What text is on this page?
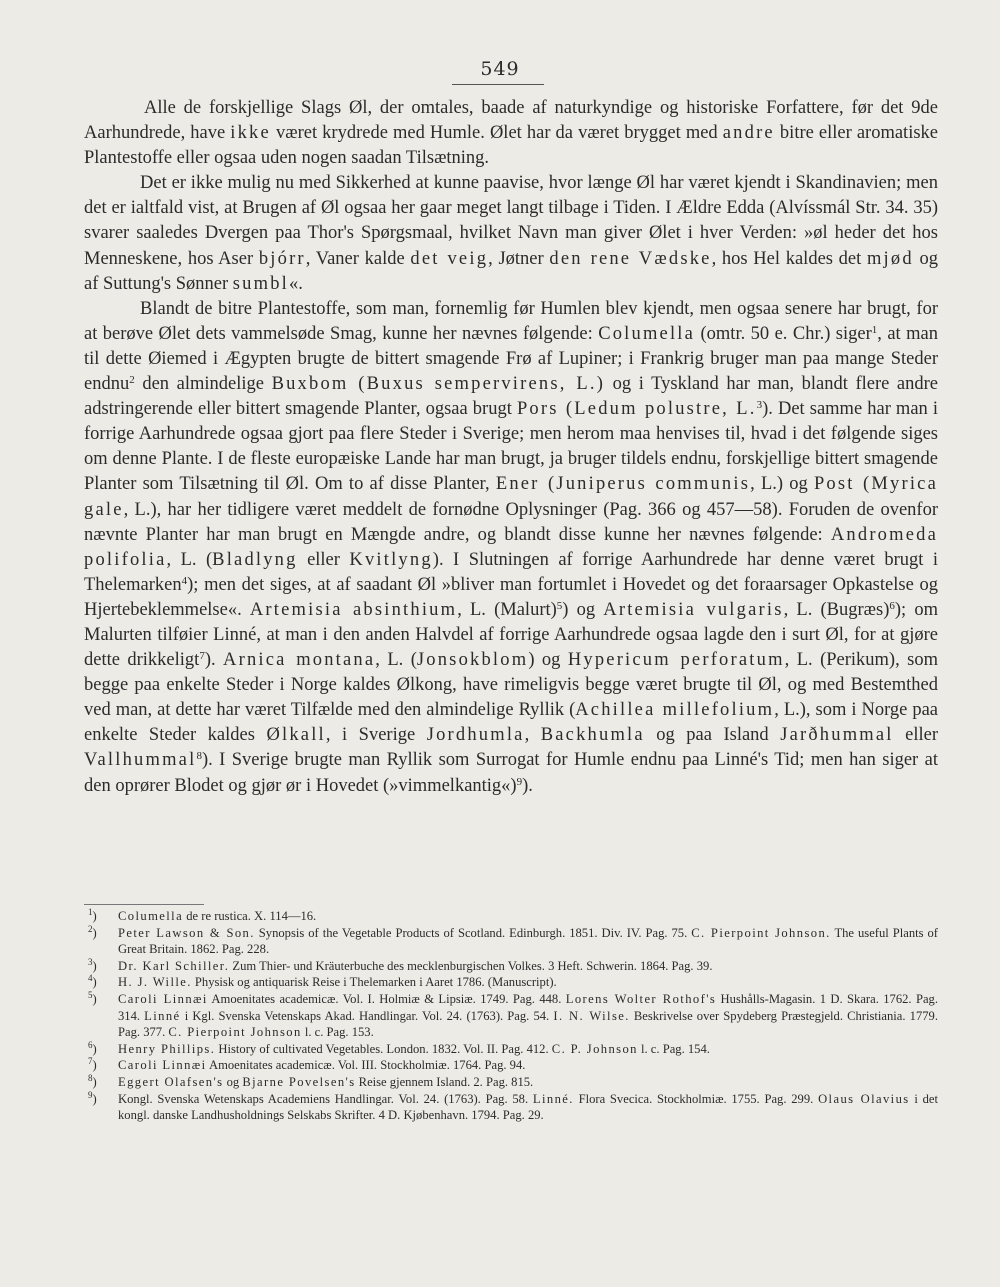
549

Alle de forskjellige Slags Øl, der omtales, baade af naturkyndige og historiske Forfattere, før det 9de Aarhundrede, have ikke været krydrede med Humle. Ølet har da været brygget med andre bitre eller aromatiske Plantestoffe eller ogsaa uden nogen saadan Tilsætning.

Det er ikke mulig nu med Sikkerhed at kunne paavise, hvor længe Øl har været kjendt i Skandinavien; men det er ialtfald vist, at Brugen af Øl ogsaa her gaar meget langt tilbage i Tiden. I Ældre Edda (Alvíssmál Str. 34. 35) svarer saaledes Dvergen paa Thor's Spørgsmaal, hvilket Navn man giver Ølet i hver Verden: »øl heder det hos Menneskene, hos Aser bjórr, Vaner kalde det veig, Jøtner den rene Vædske, hos Hel kaldes det mjød og af Suttung's Sønner sumbl«.

Blandt de bitre Plantestoffe, som man, fornemlig før Humlen blev kjendt, men ogsaa senere har brugt, for at berøve Ølet dets vammelsøde Smag, kunne her nævnes følgende: Columella (omtr. 50 e. Chr.) siger$^1$, at man til dette Øiemed i Ægypten brugte de bittert smagende Frø af Lupiner; i Frankrig bruger man paa mange Steder endnu$^2$ den almindelige Buxbom (Buxus sempervirens, L.) og i Tyskland har man, blandt flere andre adstringerende eller bittert smagende Planter, ogsaa brugt Pors (Ledum polustre, L.$^3$). Det samme har man i forrige Aarhundrede ogsaa gjort paa flere Steder i Sverige; men herom maa henvises til, hvad i det følgende siges om denne Plante. I de fleste europæiske Lande har man brugt, ja bruger tildels endnu, forskjellige bittert smagende Planter som Tilsætning til Øl. Om to af disse Planter, Ener (Juniperus communis, L.) og Post (Myrica gale, L.), har her tidligere været meddelt de fornødne Oplysninger (Pag. 366 og 457—58). Foruden de ovenfor nævnte Planter har man brugt en Mængde andre, og blandt disse kunne her nævnes følgende: Andromeda polifolia, L. (Bladlyng eller Kvitlyng). I Slutningen af forrige Aarhundrede har denne været brugt i Thelemarken$^4$); men det siges, at af saadant Øl »bliver man fortumlet i Hovedet og det foraarsager Opkastelse og Hjertebeklemmelse«. Artemisia absinthium, L. (Malurt)$^5$) og Artemisia vulgaris, L. (Bugræs)$^6$); om Malurten tilføier Linné, at man i den anden Halvdel af forrige Aarhundrede ogsaa lagde den i surt Øl, for at gjøre dette drikkeligt$^7$). Arnica montana, L. (Jonsokblom) og Hypericum perforatum, L. (Perikum), som begge paa enkelte Steder i Norge kaldes Ølkong, have rimeligvis begge været brugte til Øl, og med Bestemthed ved man, at dette har været Tilfælde med den almindelige Ryllik (Achillea millefolium, L.), som i Norge paa enkelte Steder kaldes Ølkall, i Sverige Jordhumla, Backhumla og paa Island Jarðhummal eller Vallhummal$^8$). I Sverige brugte man Ryllik som Surrogat for Humle endnu paa Linné's Tid; men han siger at den oprører Blodet og gjør ør i Hovedet (»vimmelkantig«)$^9$).

$^1$) Columella de re rustica. X. 114—16.
$^2$) Peter Lawson & Son. Synopsis of the Vegetable Products of Scotland. Edinburgh. 1851. Div. IV. Pag. 75. C. Pierpoint Johnson. The useful Plants of Great Britain. 1862. Pag. 228.
$^3$) Dr. Karl Schiller. Zum Thier- und Kräuterbuche des mecklenburgischen Volkes. 3 Heft. Schwerin. 1864. Pag. 39.
$^4$) H. J. Wille. Physisk og antiquarisk Reise i Thelemarken i Aaret 1786. (Manuscript).
$^5$) Caroli Linnæi Amoenitates academicæ. Vol. I. Holmiæ & Lipsiæ. 1749. Pag. 448. Lorens Wolter Rothof's Hushålls-Magasin. 1 D. Skara. 1762. Pag. 314. Linné i Kgl. Svenska Vetenskaps Akad. Handlingar. Vol. 24. (1763). Pag. 54. I. N. Wilse. Beskrivelse over Spydeberg Præstegjeld. Christiania. 1779. Pag. 377. C. Pierpoint Johnson l. c. Pag. 153.
$^6$) Henry Phillips. History of cultivated Vegetables. London. 1832. Vol. II. Pag. 412. C. P. Johnson l. c. Pag. 154.
$^7$) Caroli Linnæi Amoenitates academicæ. Vol. III. Stockholmiæ. 1764. Pag. 94.
$^8$) Eggert Olafsen's og Bjarne Povelsen's Reise gjennem Island. 2. Pag. 815.
$^9$) Kongl. Svenska Wetenskaps Academiens Handlingar. Vol. 24. (1763). Pag. 58. Linné. Flora Svecica. Stockholmiæ. 1755. Pag. 299. Olaus Olavius i det kongl. danske Landhusholdnings Selskabs Skrifter. 4 D. Kjøbenhavn. 1794. Pag. 29.
